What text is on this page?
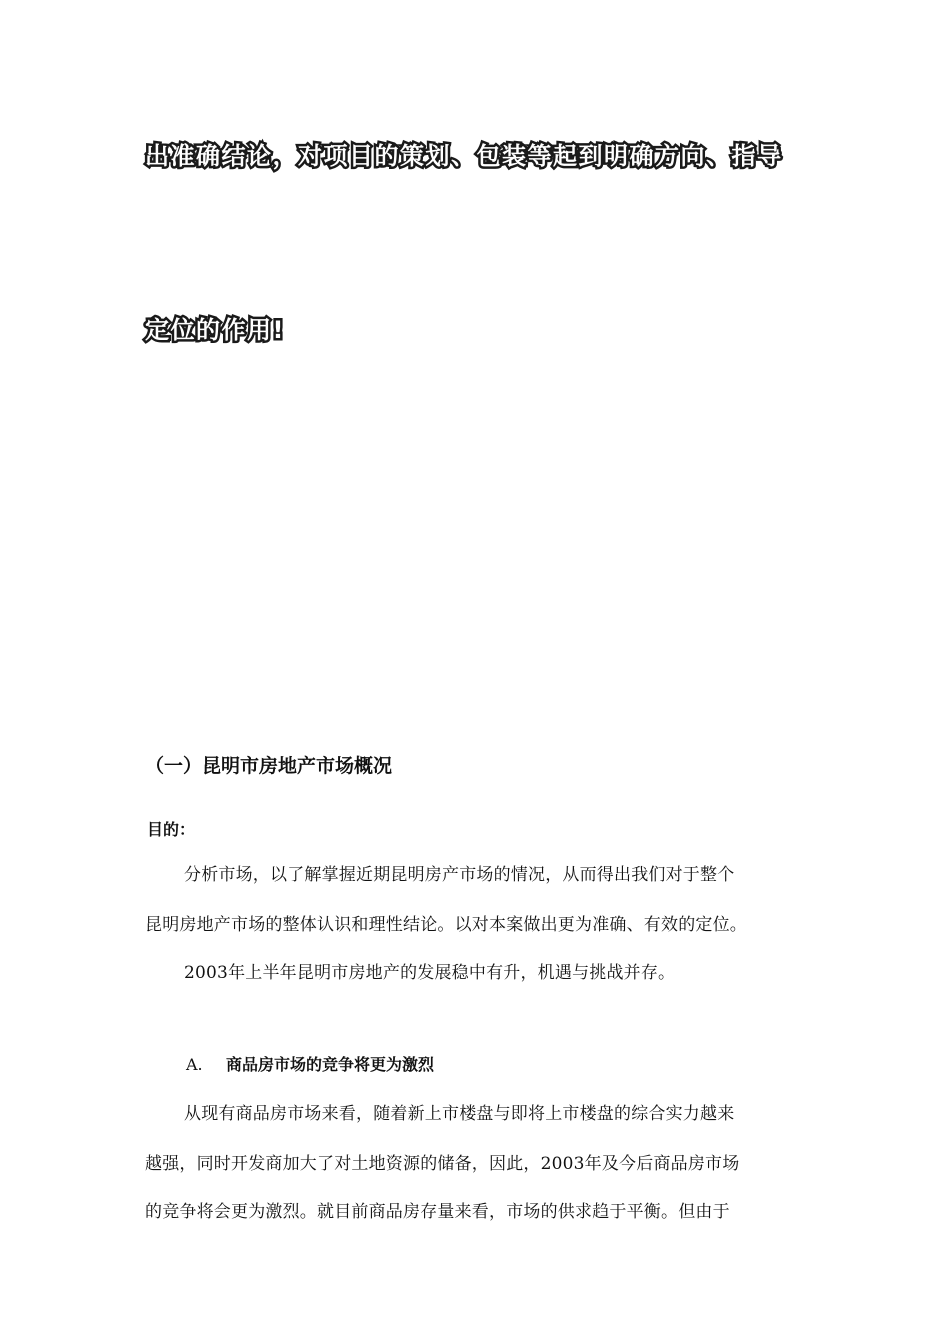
出准确结论，对项目的策划、包装等起到明确方向、指导
定位的作用!
（一）昆明市房地产市场概况
目的：
分析市场，以了解掌握近期昆明房产市场的情况，从而得出我们对于整个
昆明房地产市场的整体认识和理性结论。以对本案做出更为准确、有效的定位。
2003年上半年昆明市房地产的发展稳中有升，机遇与挑战并存。
A. 商品房市场的竞争将更为激烈
从现有商品房市场来看，随着新上市楼盘与即将上市楼盘的综合实力越来
越强，同时开发商加大了对土地资源的储备，因此，2003年及今后商品房市场
的竞争将会更为激烈。就目前商品房存量来看，市场的供求趋于平衡。但由于
